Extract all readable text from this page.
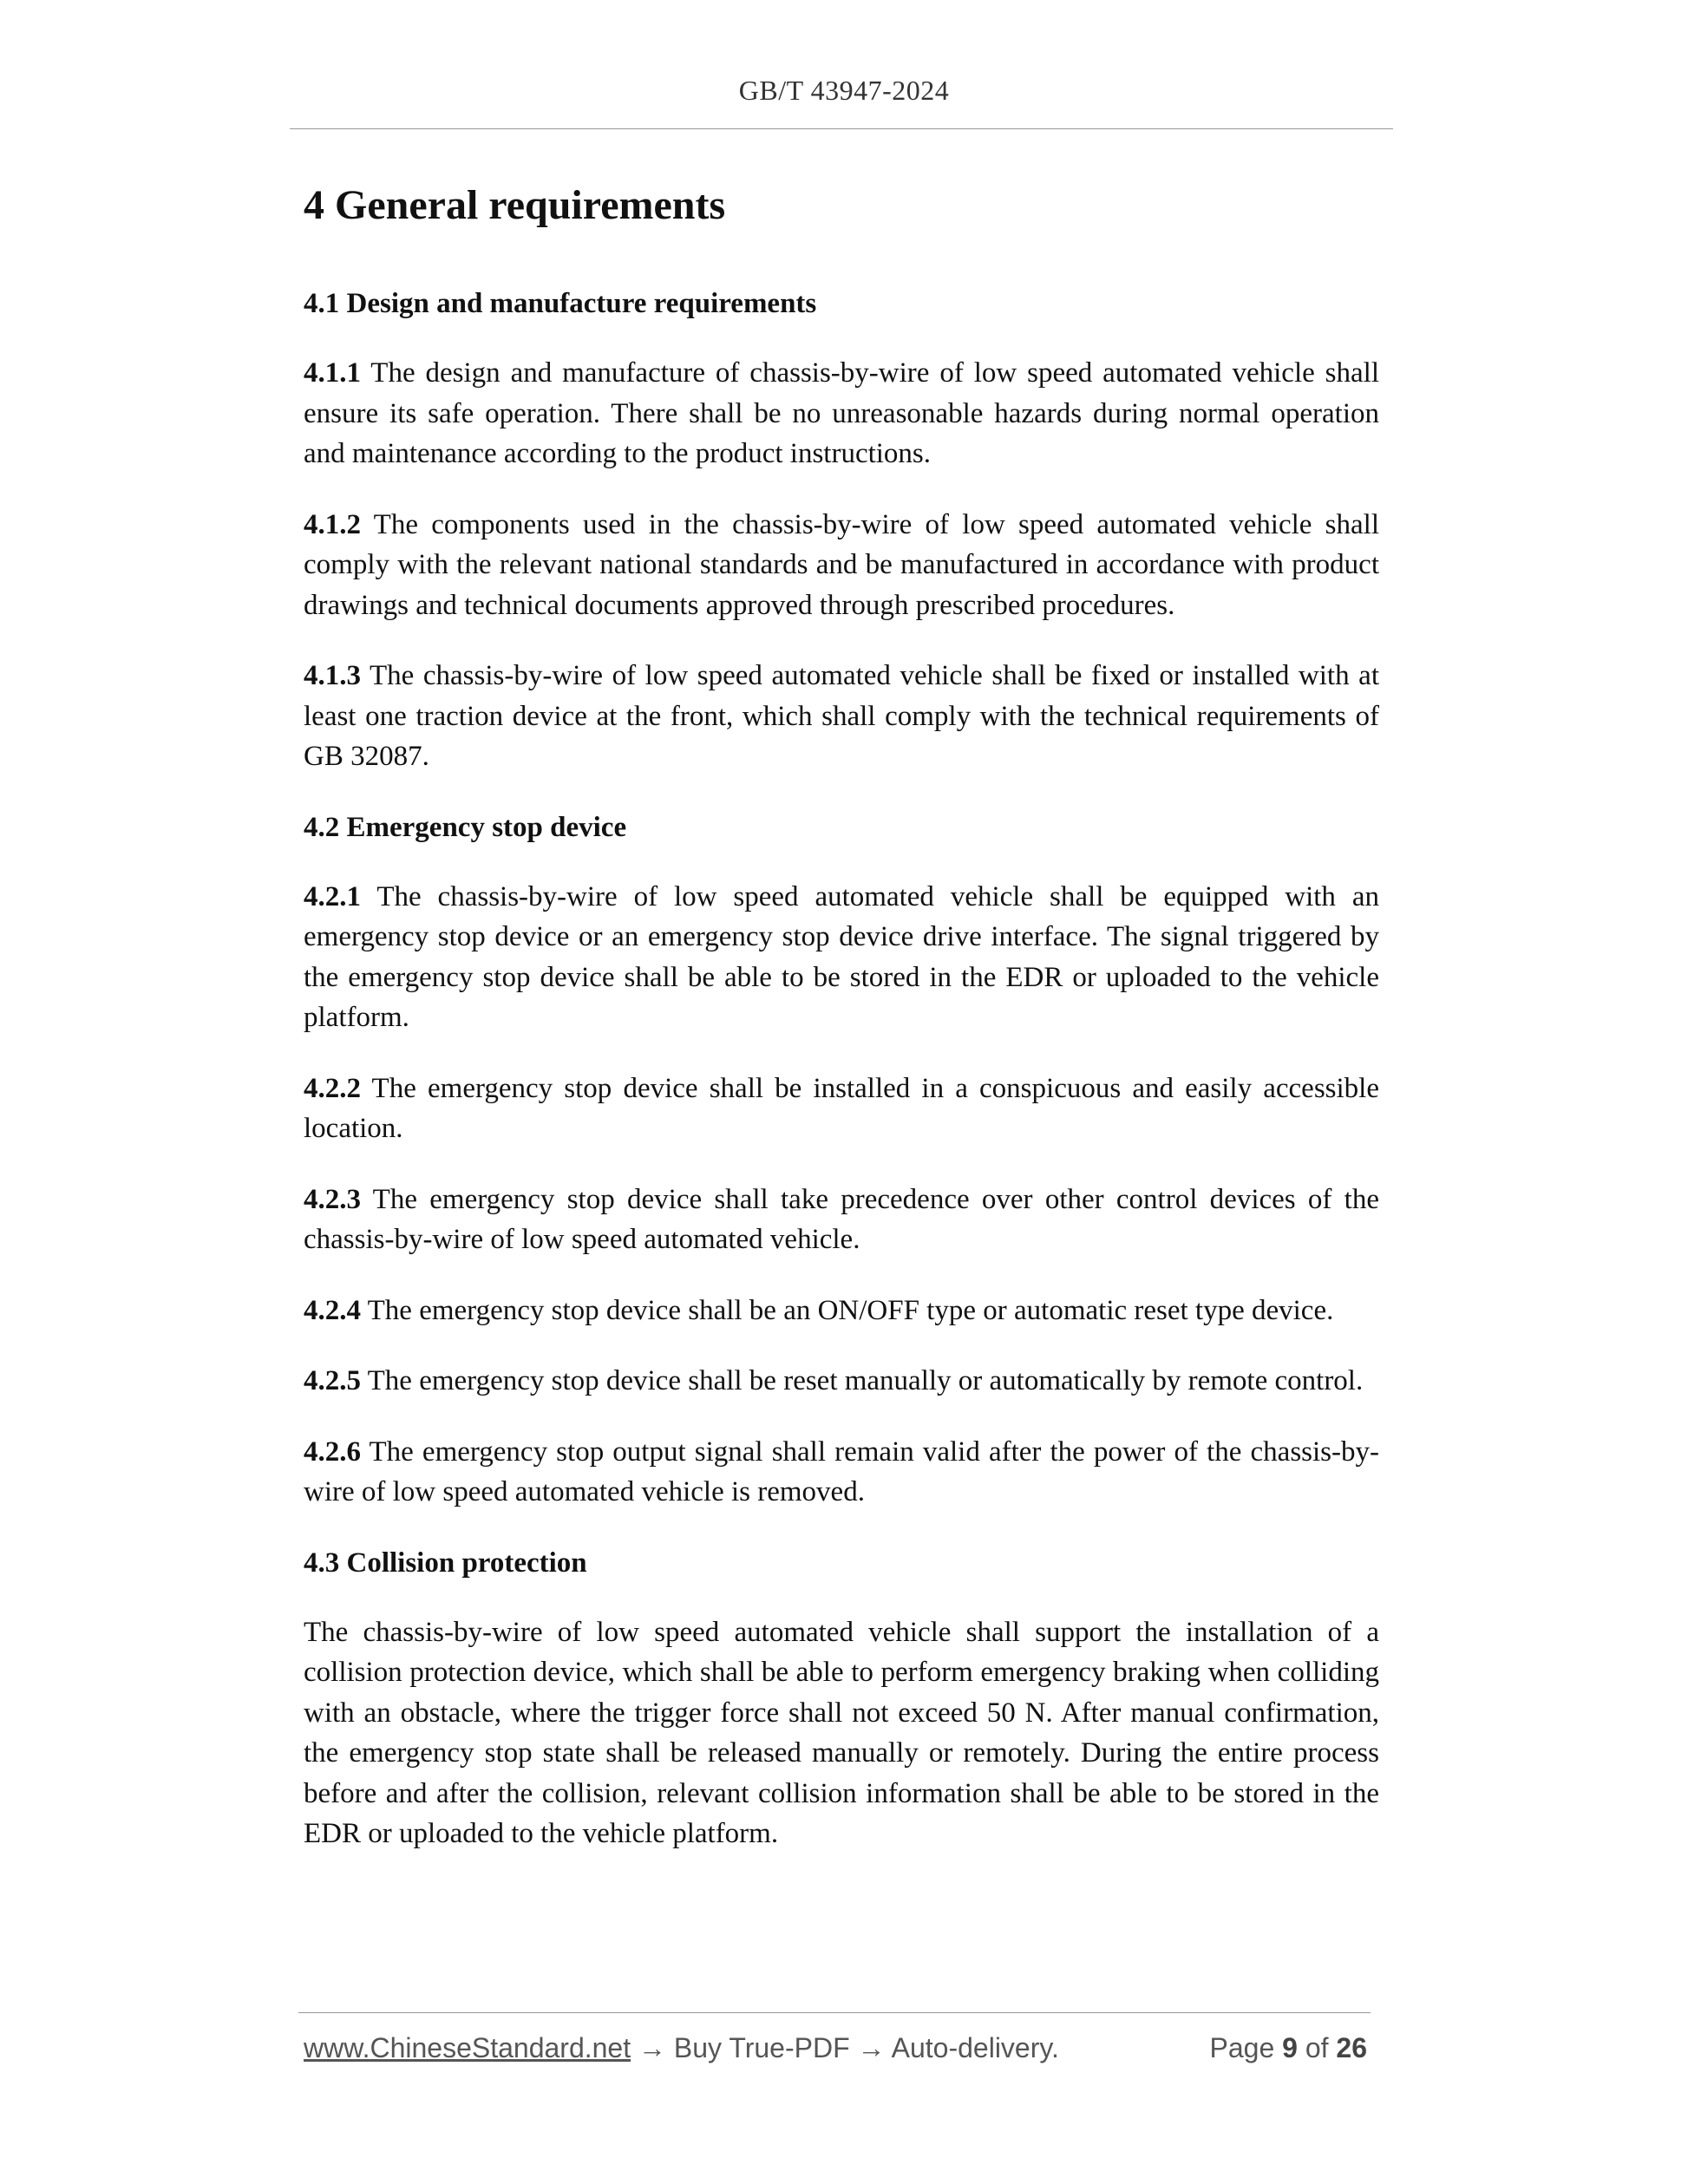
GB/T 43947-2024
4 General requirements
4.1 Design and manufacture requirements

4.1.1 The design and manufacture of chassis-by-wire of low speed automated vehicle shall ensure its safe operation. There shall be no unreasonable hazards during normal operation and maintenance according to the product instructions.

4.1.2 The components used in the chassis-by-wire of low speed automated vehicle shall comply with the relevant national standards and be manufactured in accordance with product drawings and technical documents approved through prescribed procedures.

4.1.3 The chassis-by-wire of low speed automated vehicle shall be fixed or installed with at least one traction device at the front, which shall comply with the technical requirements of GB 32087.

4.2 Emergency stop device

4.2.1 The chassis-by-wire of low speed automated vehicle shall be equipped with an emergency stop device or an emergency stop device drive interface. The signal triggered by the emergency stop device shall be able to be stored in the EDR or uploaded to the vehicle platform.

4.2.2 The emergency stop device shall be installed in a conspicuous and easily accessible location.

4.2.3 The emergency stop device shall take precedence over other control devices of the chassis-by-wire of low speed automated vehicle.

4.2.4 The emergency stop device shall be an ON/OFF type or automatic reset type device.

4.2.5 The emergency stop device shall be reset manually or automatically by remote control.

4.2.6 The emergency stop output signal shall remain valid after the power of the chassis-by-wire of low speed automated vehicle is removed.

4.3 Collision protection

The chassis-by-wire of low speed automated vehicle shall support the installation of a collision protection device, which shall be able to perform emergency braking when colliding with an obstacle, where the trigger force shall not exceed 50 N. After manual confirmation, the emergency stop state shall be released manually or remotely. During the entire process before and after the collision, relevant collision information shall be able to be stored in the EDR or uploaded to the vehicle platform.

www.ChineseStandard.net → Buy True-PDF → Auto-delivery.	Page 9 of 26
